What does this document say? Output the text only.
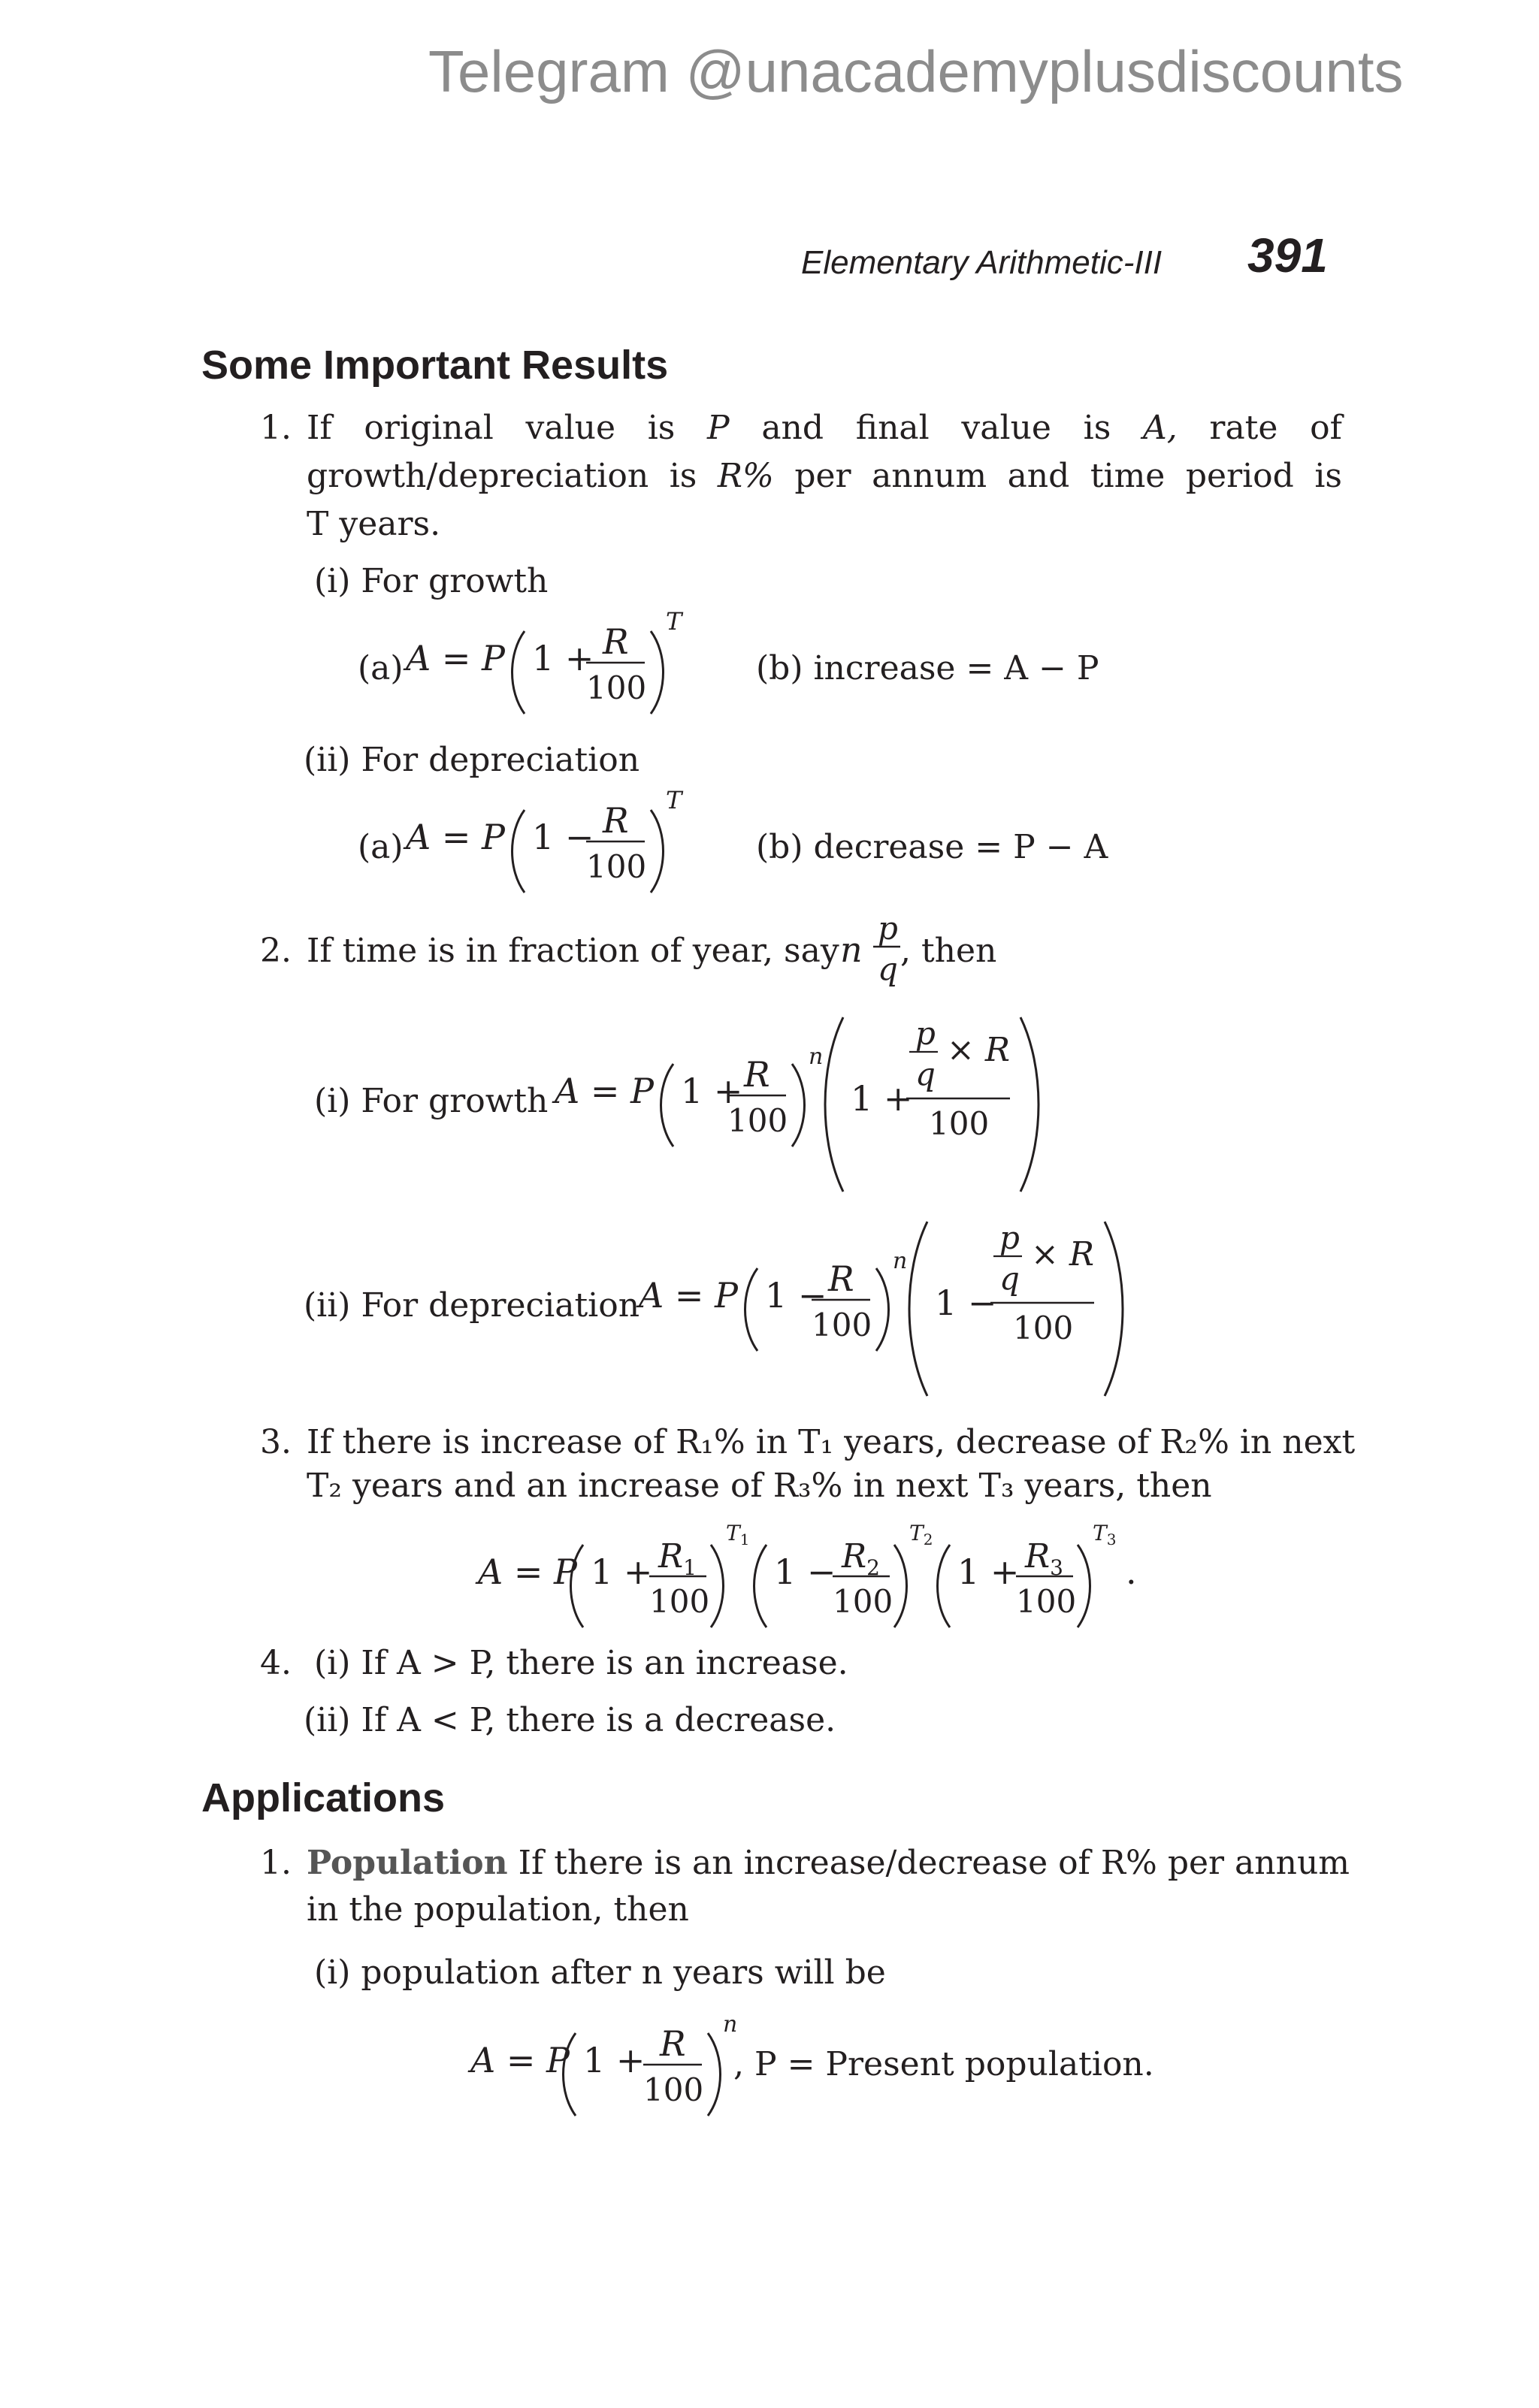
Telegram @unacademyplusdiscounts
Elementary Arithmetic-III 391
Some Important Results
1. If original value is P and final value is A, rate of
growth/depreciation is R% per annum and time period is
T years.
(i) For growth
(a) A = P 1 + R
100
T
(b) increase = A − P
(ii) For depreciation
(a) A = P 1 − R
100
T
(b) decrease = P − A
2. If time is in fraction of year, say n
p
q , then
(i) For growth A = P 1 + R
100
n
1 +
p
q
× R
100
(ii) For depreciation
A = P 1 − R
100
n
1 −
p
q
× R
100
3. If there is increase of R₁% in T₁ years, decrease of R₂% in next
T₂ years and an increase of R₃% in next T₃ years, then
A = P $1 + R_1$
100
$T_1$
$1 - R_2$
100
$T_2$
$1 + R_3$
100
$T_3$
.
4. (i) If A > P, there is an increase.
(ii) If A < P, there is a decrease.
Applications
1. Population If there is an increase/decrease of R% per annum
in the population, then
(i) population after n years will be
A = P 1 + R
100
n
, P = Present population.
